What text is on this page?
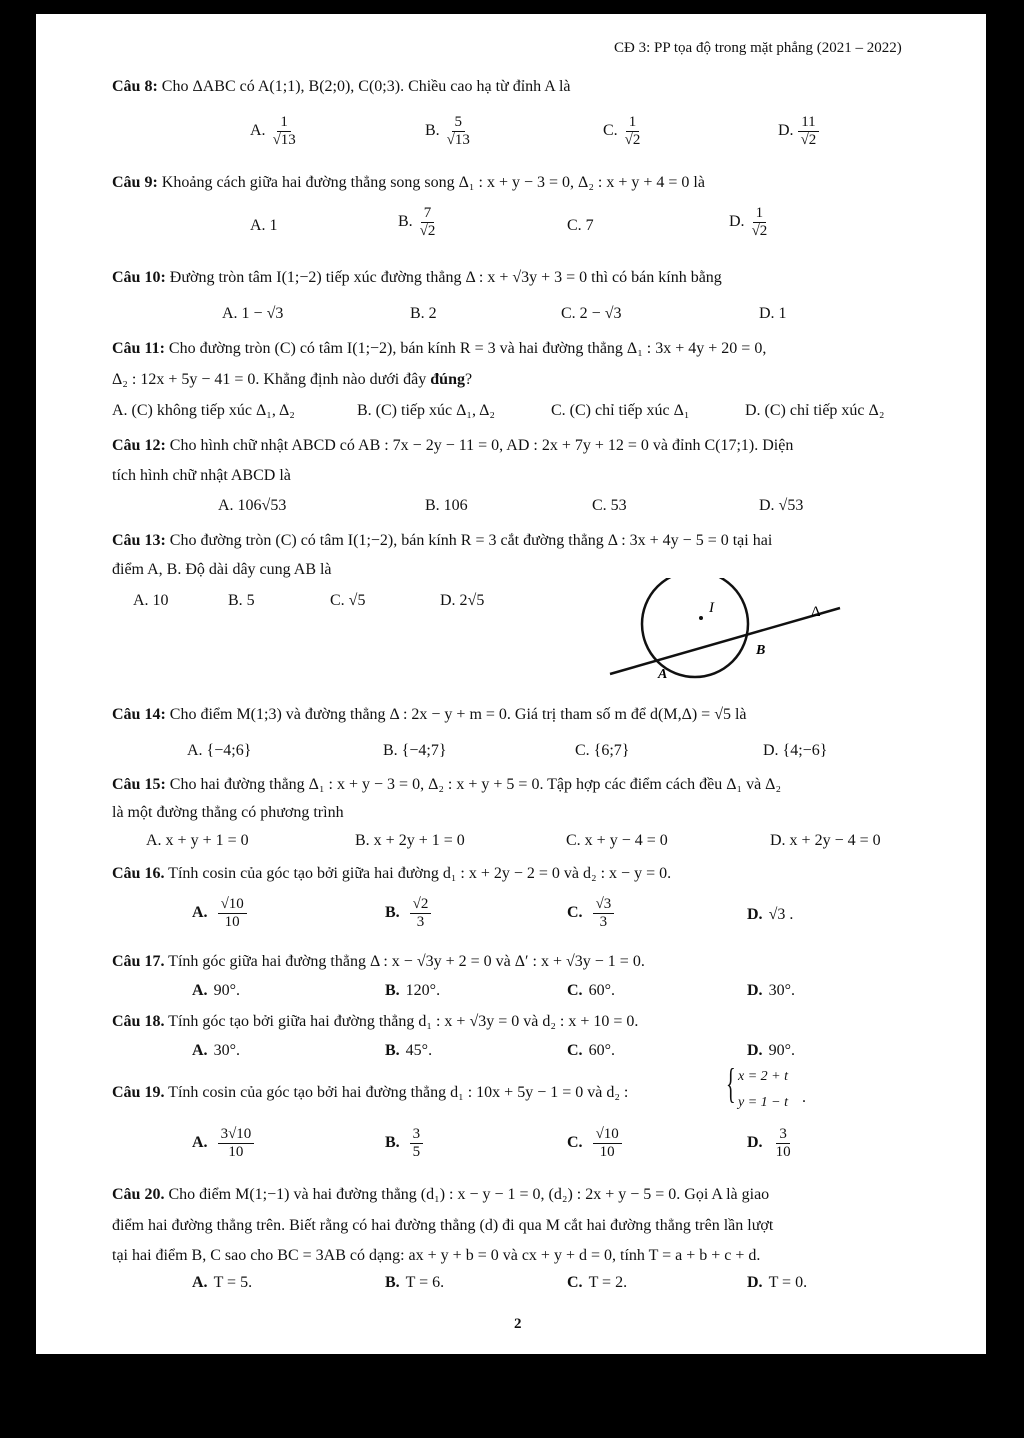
CĐ 3: PP tọa độ trong mặt phẳng (2021 – 2022)
Câu 8: Cho ΔABC có A(1;1), B(2;0), C(0;3). Chiều cao hạ từ đỉnh A là
A. $\frac{1}{√13}$	B. $\frac{5}{√13}$	C. $\frac{1}{√2}$	D. $\frac{11}{√2}$
Câu 9: Khoảng cách giữa hai đường thẳng song song Δ₁ : x + y − 3 = 0, Δ₂ : x + y + 4 = 0 là
A. 1	B. $\frac{7}{√2}$	C. 7	D. $\frac{1}{√2}$
Câu 10: Đường tròn tâm I(1;−2) tiếp xúc đường thẳng Δ : x + √3y + 3 = 0 thì có bán kính bằng
A. 1 − √3	B. 2	C. 2 − √3	D. 1
Câu 11: Cho đường tròn (C) có tâm I(1;−2), bán kính R = 3 và hai đường thẳng Δ₁ : 3x + 4y + 20 = 0,
Δ₂ : 12x + 5y − 41 = 0. Khẳng định nào dưới đây đúng?
A. (C) không tiếp xúc Δ₁, Δ₂	B. (C) tiếp xúc Δ₁, Δ₂	C. (C) chỉ tiếp xúc Δ₁	D. (C) chỉ tiếp xúc Δ₂
Câu 12: Cho hình chữ nhật ABCD có AB : 7x − 2y − 11 = 0, AD : 2x + 7y + 12 = 0 và đỉnh C(17;1). Diện
tích hình chữ nhật ABCD là
A. 106√53	B. 106	C. 53	D. √53
Câu 13: Cho đường tròn (C) có tâm I(1;−2), bán kính R = 3 cắt đường thẳng Δ : 3x + 4y − 5 = 0 tại hai
điểm A, B. Độ dài dây cung AB là
A. 10	B. 5	C. √5	D. 2√5	I	Δ
B
A
Câu 14: Cho điểm M(1;3) và đường thẳng Δ : 2x − y + m = 0. Giá trị tham số m để d(M,Δ) = √5 là
A. {−4;6}	B. {−4;7}	C. {6;7}	D. {4;−6}
Câu 15: Cho hai đường thẳng Δ₁ : x + y − 3 = 0, Δ₂ : x + y + 5 = 0. Tập hợp các điểm cách đều Δ₁ và Δ₂
là một đường thẳng có phương trình
A. x + y + 1 = 0	B. x + 2y + 1 = 0	C. x + y − 4 = 0	D. x + 2y − 4 = 0
Câu 16. Tính cosin của góc tạo bởi giữa hai đường d₁ : x + 2y − 2 = 0 và d₂ : x − y = 0.
A. $\frac{√10}{10}$	B. $\frac{√2}{3}$	C. $\frac{√3}{3}$	D. √3 .
Câu 17. Tính góc giữa hai đường thẳng Δ : x − √3y + 2 = 0 và Δ′ : x + √3y − 1 = 0.
A. 90°.	B. 120°.	C. 60°.	D. 30°.
Câu 18. Tính góc tạo bởi giữa hai đường thẳng d₁ : x + √3y = 0 và d₂ : x + 10 = 0.
A. 30°.	B. 45°.	C. 60°.	D. 90°.
Câu 19. Tính cosin của góc tạo bởi hai đường thẳng d₁ : 10x + 5y − 1 = 0 và d₂ :	{ x = 2 + t
y = 1 − t .
A. $\frac{3√10}{10}$	B. $\frac{3}{5}$	C. $\frac{√10}{10}$	D. $\frac{3}{10}$
Câu 20. Cho điểm M(1;−1) và hai đường thẳng (d₁) : x − y − 1 = 0, (d₂) : 2x + y − 5 = 0. Gọi A là giao
điểm hai đường thẳng trên. Biết rằng có hai đường thẳng (d) đi qua M cắt hai đường thẳng trên lần lượt
tại hai điểm B, C sao cho BC = 3AB có dạng: ax + y + b = 0 và cx + y + d = 0, tính T = a + b + c + d.
A. T = 5.	B. T = 6.	C. T = 2.	D. T = 0.
2
